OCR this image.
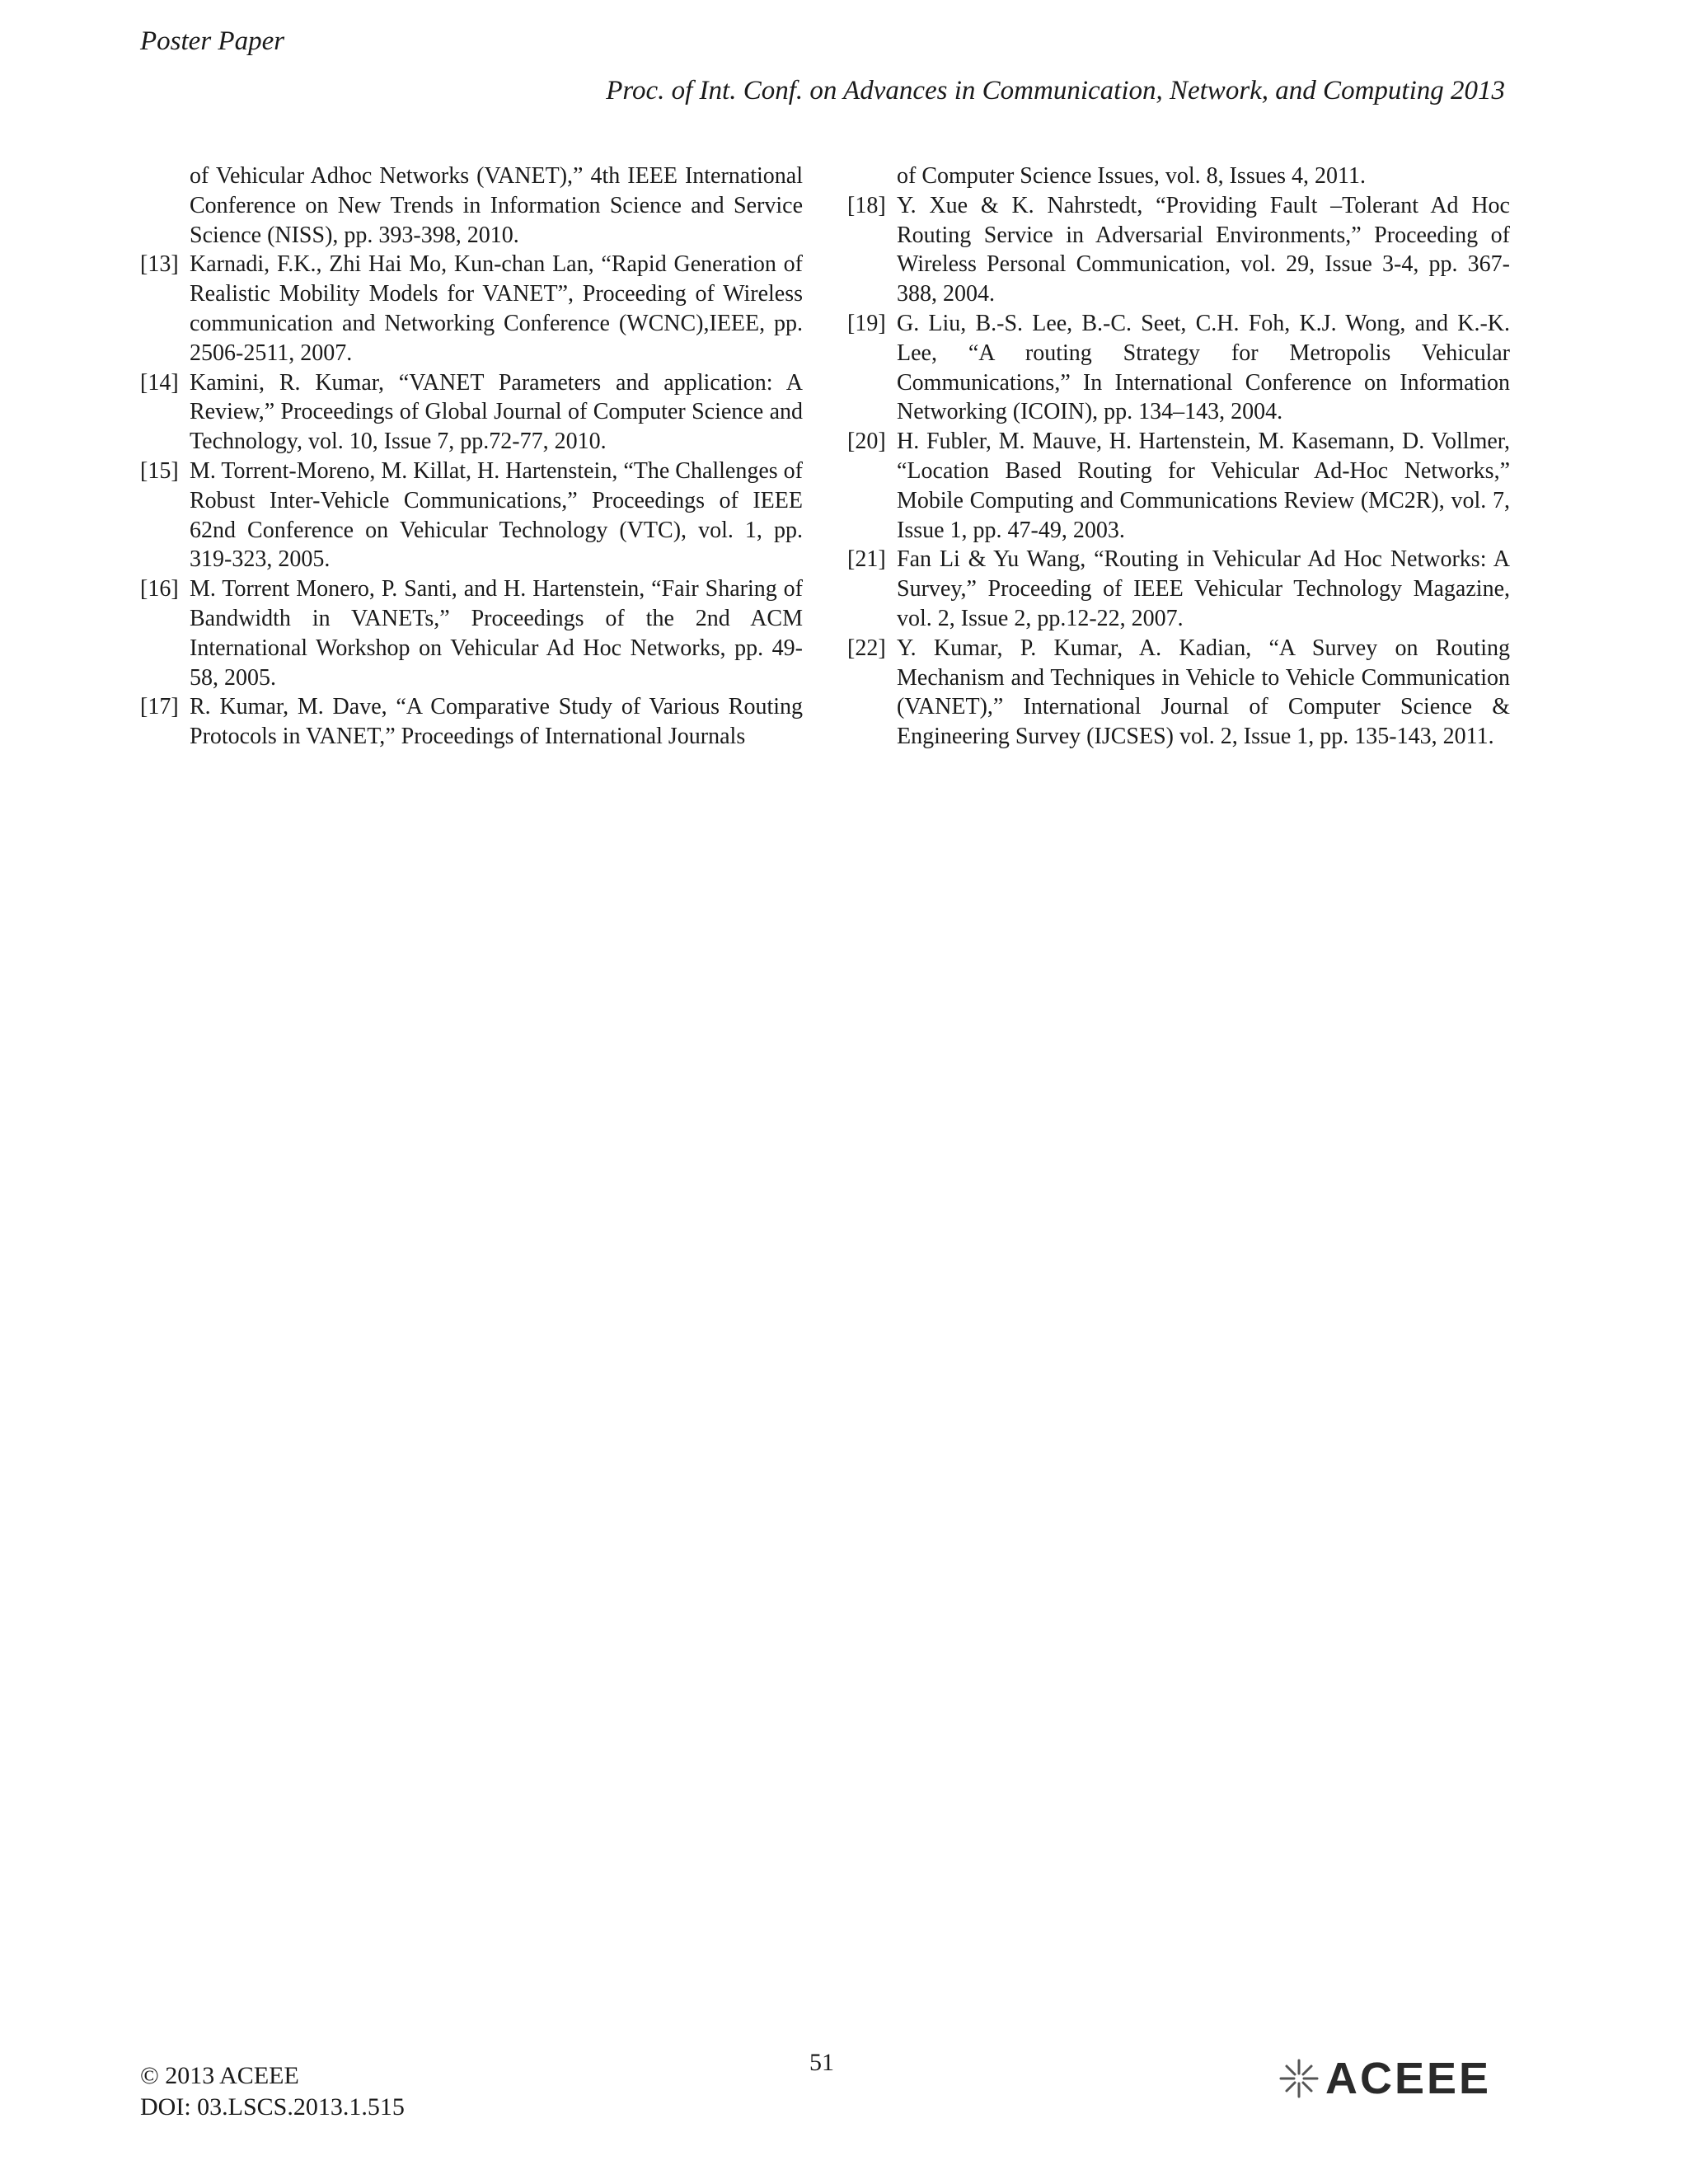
Poster Paper
Proc. of Int. Conf. on Advances in Communication, Network, and Computing 2013
of Vehicular Adhoc Networks (VANET),” 4th IEEE International Conference on New Trends in Information Science and Service Science (NISS), pp. 393-398, 2010.
[13] Karnadi, F.K., Zhi Hai Mo, Kun-chan Lan, “Rapid Generation of Realistic Mobility Models for VANET”, Proceeding of Wireless communication and Networking Conference (WCNC),IEEE, pp. 2506-2511, 2007.
[14] Kamini, R. Kumar, “VANET Parameters and application: A Review,” Proceedings of Global Journal of Computer Science and Technology, vol. 10, Issue 7, pp.72-77, 2010.
[15] M. Torrent-Moreno, M. Killat, H. Hartenstein, “The Challenges of Robust Inter-Vehicle Communications,” Proceedings of IEEE 62nd Conference on Vehicular Technology (VTC), vol. 1, pp. 319-323, 2005.
[16] M. Torrent Monero, P. Santi, and H. Hartenstein, “Fair Sharing of Bandwidth in VANETs,” Proceedings of the 2nd ACM International Workshop on Vehicular Ad Hoc Networks, pp. 49-58, 2005.
[17] R. Kumar, M. Dave, “A Comparative Study of Various Routing Protocols in VANET,” Proceedings of International Journals
of Computer Science Issues, vol. 8, Issues 4, 2011.
[18] Y. Xue & K. Nahrstedt, “Providing Fault –Tolerant Ad Hoc Routing Service in Adversarial Environments,” Proceeding of Wireless Personal Communication, vol. 29, Issue 3-4, pp. 367-388, 2004.
[19] G. Liu, B.-S. Lee, B.-C. Seet, C.H. Foh, K.J. Wong, and K.-K. Lee, “A routing Strategy for Metropolis Vehicular Communications,” In International Conference on Information Networking (ICOIN), pp. 134–143, 2004.
[20] H. Fubler, M. Mauve, H. Hartenstein, M. Kasemann, D. Vollmer, “Location Based Routing for Vehicular Ad-Hoc Networks,” Mobile Computing and Communications Review (MC2R), vol. 7, Issue 1, pp. 47-49, 2003.
[21] Fan Li & Yu Wang, “Routing in Vehicular Ad Hoc Networks: A Survey,” Proceeding of IEEE Vehicular Technology Magazine, vol. 2, Issue 2, pp.12-22, 2007.
[22] Y. Kumar, P. Kumar, A. Kadian, “A Survey on Routing Mechanism and Techniques in Vehicle to Vehicle Communication (VANET),” International Journal of Computer Science & Engineering Survey (IJCSES) vol. 2, Issue 1, pp. 135-143, 2011.
© 2013 ACEEE
DOI: 03.LSCS.2013.1.515
51	ACEEE
